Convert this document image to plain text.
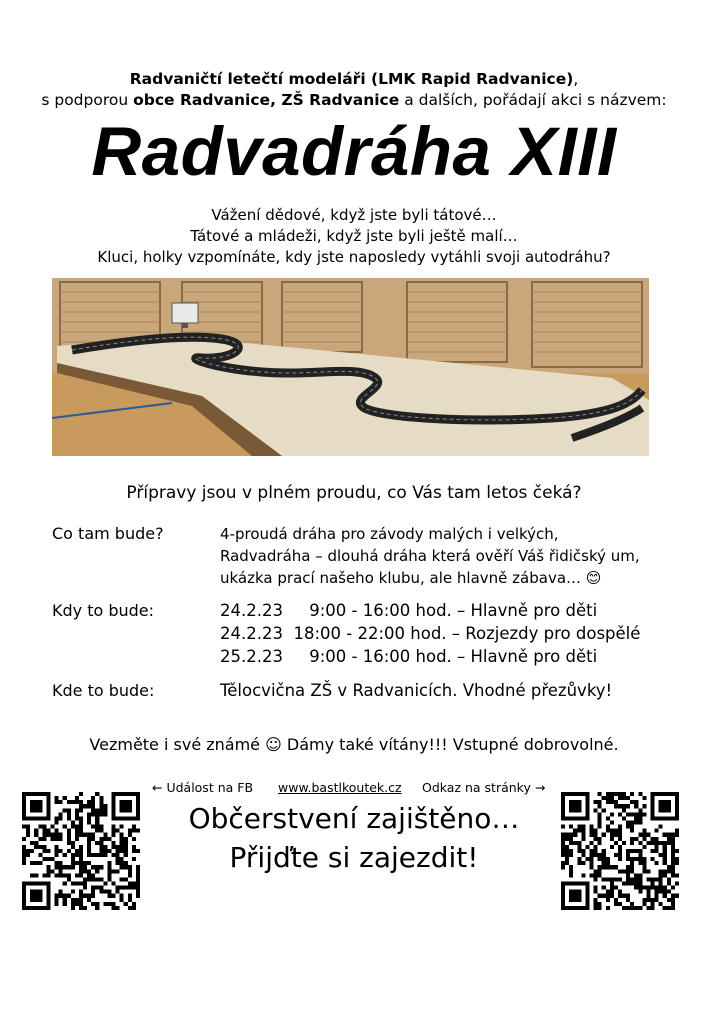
Radvaničtí letečtí modeláři (LMK Rapid Radvanice),
s podporou obce Radvanice, ZŠ Radvanice a dalších, pořádají akci s názvem:
Radvadráha XIII
Vážení dědové, když jste byli tátové…
Tátové a mládeži, když jste byli ještě malí…
Kluci, holky vzpomínáte, kdy jste naposledy vytáhli svoji autodráhu?
Přípravy jsou v plném proudu, co Vás tam letos čeká?
Co tam bude?	4-proudá dráha pro závody malých i velkých,
Radvadráha – dlouhá dráha která ověří Váš řidičský um,
ukázka prací našeho klubu, ale hlavně zábava… 😊
Kdy to bude:	24.2.23 9:00 - 16:00 hod. – Hlavně pro děti
24.2.23 18:00 - 22:00 hod. – Rozjezdy pro dospělé
25.2.23 9:00 - 16:00 hod. – Hlavně pro děti
Kde to bude:	Tělocvična ZŠ v Radvanicích. Vhodné přezůvky!
Vezměte i své známé ☺ Dámy také vítány!!! Vstupné dobrovolné.
← Událost na FB www.bastlkoutek.cz Odkaz na stránky →
Občerstvení zajištěno…
Přijďte si zajezdit!
